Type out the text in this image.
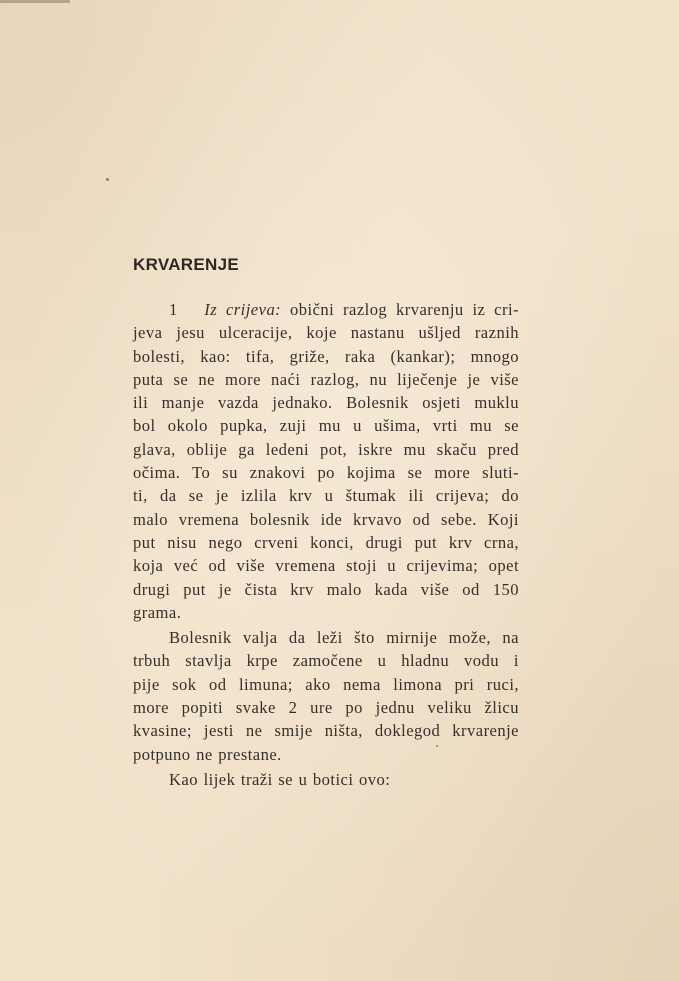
KRVARENJE
1 Iz crijeva: obični razlog krvarenju iz cri-
jeva jesu ulceracije, koje nastanu ušljed raznih
bolesti, kao: tifa, griže, raka (kankar); mnogo
puta se ne more naći razlog, nu liječenje je više
ili manje vazda jednako. Bolesnik osjeti muklu
bol okolo pupka, zuji mu u ušima, vrti mu se
glava, oblije ga ledeni pot, iskre mu skaču pred
očima. To su znakovi po kojima se more sluti-
ti, da se je izlila krv u štumak ili crijeva; do
malo vremena bolesnik ide krvavo od sebe. Koji
put nisu nego crveni konci, drugi put krv crna,
koja već od više vremena stoji u crijevima; opet
drugi put je čista krv malo kada više od 150
grama.
Bolesnik valja da leži što mirnije može, na
trbuh stavlja krpe zamočene u hladnu vodu i
pije sok od limuna; ako nema limona pri ruci,
more popiti svake 2 ure po jednu veliku žlicu
kvasine; jesti ne smije ništa, doklegod krvarenje
potpuno ne prestane.
Kao lijek traži se u botici ovo:
